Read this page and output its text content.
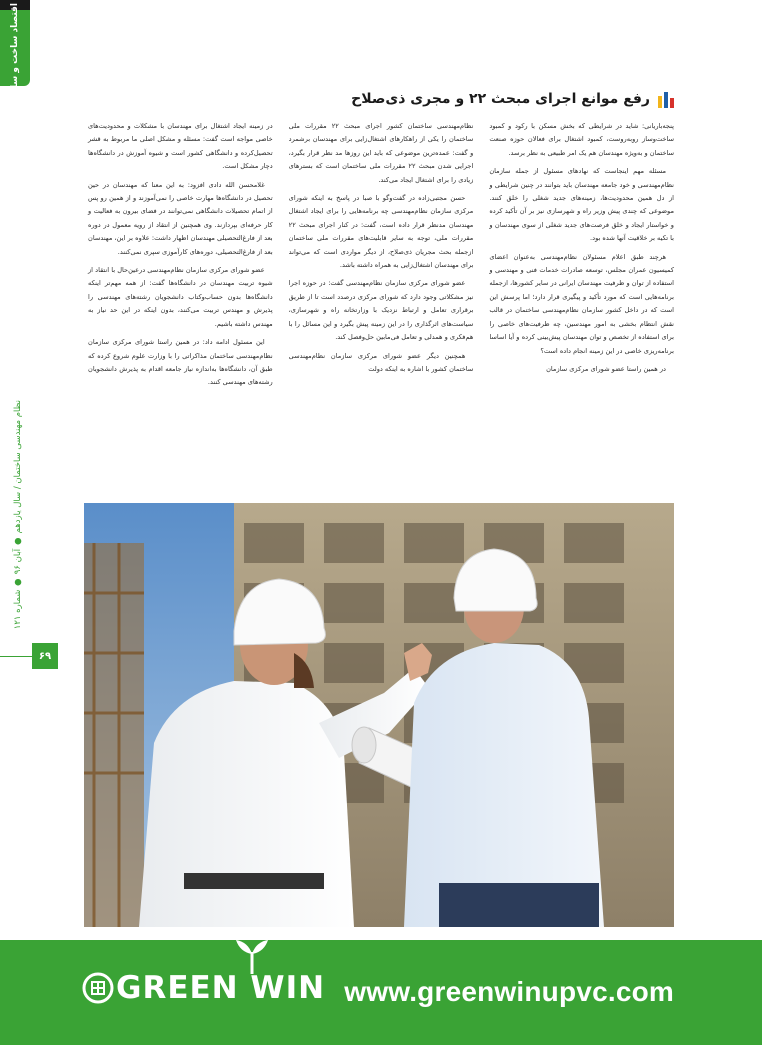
اقتصاد ساخت و ساز
نظام مهندسی ساختمان / سال یازدهم ● آبان ۹۶ ● شماره ۱۲۱
۶۹
رفع موانع اجرای مبحث ۲۲ و مجری ذی‌صلاح

پنجه‌باریانی: شاید در شرایطی که بخش مسکن با رکود و کمبود ساخت‌وساز روبه‌روست، کمبود اشتغال برای فعالان حوزه صنعت ساختمان و به‌ویژه مهندسان هم یک امر طبیعی به نظر برسد.

مسئله مهم اینجاست که نهادهای مسئول از جمله سازمان نظام‌مهندسی و خود جامعه مهندسان باید بتوانند در چنین شرایطی و از دل همین محدودیت‌ها، زمینه‌های جدید شغلی را خلق کنند. موضوعی که چندی پیش وزیر راه و شهرسازی نیز بر آن تأکید کرده و خواستار ایجاد و خلق فرصت‌های جدید شغلی از سوی مهندسان و با تکیه بر خلاقیت آنها شده بود.

هرچند طبق اعلام مسئولان نظام‌مهندسی به‌عنوان اعضای کمیسیون عمران مجلس، توسعه صادرات خدمات فنی و مهندسی و استفاده از توان و ظرفیت مهندسان ایرانی در سایر کشورها، ازجمله برنامه‌هایی است که مورد تأکید و پیگیری قرار دارد؛ اما پرسش این است که در داخل کشور سازمان نظام‌مهندسی ساختمان در قالب نقش انتظام بخشی به امور مهندسین، چه ظرفیت‌های خاصی را برای استفاده از تخصص و توان مهندسان پیش‌بینی کرده و آیا اساسا برنامه‌ریزی خاصی در این زمینه انجام داده است؟

در همین راستا عضو شورای مرکزی سازمان

نظام‌مهندسی ساختمان کشور اجرای مبحث ۲۲ مقررات ملی ساختمان را یکی از راهکارهای اشتغال‌زایی برای مهندسان برشمرد و گفت: عمده‌ترین موضوعی که باید این روزها مد نظر قرار بگیرد، اجرایی شدن مبحث ۲۲ مقررات ملی ساختمان است که بسترهای زیادی را برای اشتغال ایجاد می‌کند.

حسن مجتبی‌زاده در گفت‌وگو با صبا در پاسخ به اینکه شورای مرکزی سازمان نظام‌مهندسی چه برنامه‌هایی را برای ایجاد اشتغال مهندسان مدنظر قرار داده است، گفت: در کنار اجرای مبحث ۲۲ مقررات ملی، توجه به سایر قابلیت‌های مقررات ملی ساختمان ازجمله بحث مجریان ذی‌صلاح، از دیگر مواردی است که می‌تواند برای مهندسان اشتغال‌زایی به همراه داشته باشد.

عضو شورای مرکزی سازمان نظام‌مهندسی گفت: در حوزه اجرا نیز مشکلاتی وجود دارد که شورای مرکزی درصدد است تا از طریق برقراری تعامل و ارتباط نزدیک با وزارتخانه راه و شهرسازی، سیاست‌های اثرگذاری را در این زمینه پیش بگیرد و این مسائل را با هم‌فکری و همدلی و تعامل فی‌مابین حل‌وفصل کند.

همچنین دیگر عضو شورای مرکزی سازمان نظام‌مهندسی ساختمان کشور با اشاره به اینکه دولت

در زمینه ایجاد اشتغال برای مهندسان با مشکلات و محدودیت‌های خاصی مواجه است گفت: مسئله و مشکل اصلی ما مربوط به قشر تحصیل‌کرده و دانشگاهی کشور است و شیوه آموزش در دانشگاه‌ها دچار مشکل است.

غلامحسن الله دادی افزود: به این معنا که مهندسان در حین تحصیل در دانشگاه‌ها مهارت خاصی را نمی‌آموزند و از همین رو پس از اتمام تحصیلات دانشگاهی نمی‌توانند در فضای بیرون به فعالیت و کار حرفه‌ای بپردازند. وی همچنین از انتقاد از رویه معمول در دوره بعد از فارغ‌التحصیلی مهندسان اظهار داشت: علاوه بر این، مهندسان بعد از فارغ‌التحصیلی، دوره‌های کارآموزی سپری نمی‌کنند.

عضو شورای مرکزی سازمان نظام‌مهندسی درعین‌حال با انتقاد از شیوه تربیت مهندسان در دانشگاه‌ها گفت: از همه مهم‌تر اینکه دانشگاه‌ها بدون حساب‌وکتاب دانشجویان رشته‌های مهندسی را پذیرش و مهندس تربیت می‌کنند، بدون اینکه در این حد نیاز به مهندس داشته باشیم.

این مسئول ادامه داد: در همین راستا شورای مرکزی سازمان نظام‌مهندسی ساختمان مذاکراتی را با وزارت علوم شروع کرده که طبق آن، دانشگاه‌ها به‌اندازه نیاز جامعه اقدام به پذیرش دانشجویان رشته‌های مهندسی کنند.

GREEN WIN www.greenwinupvc.com
